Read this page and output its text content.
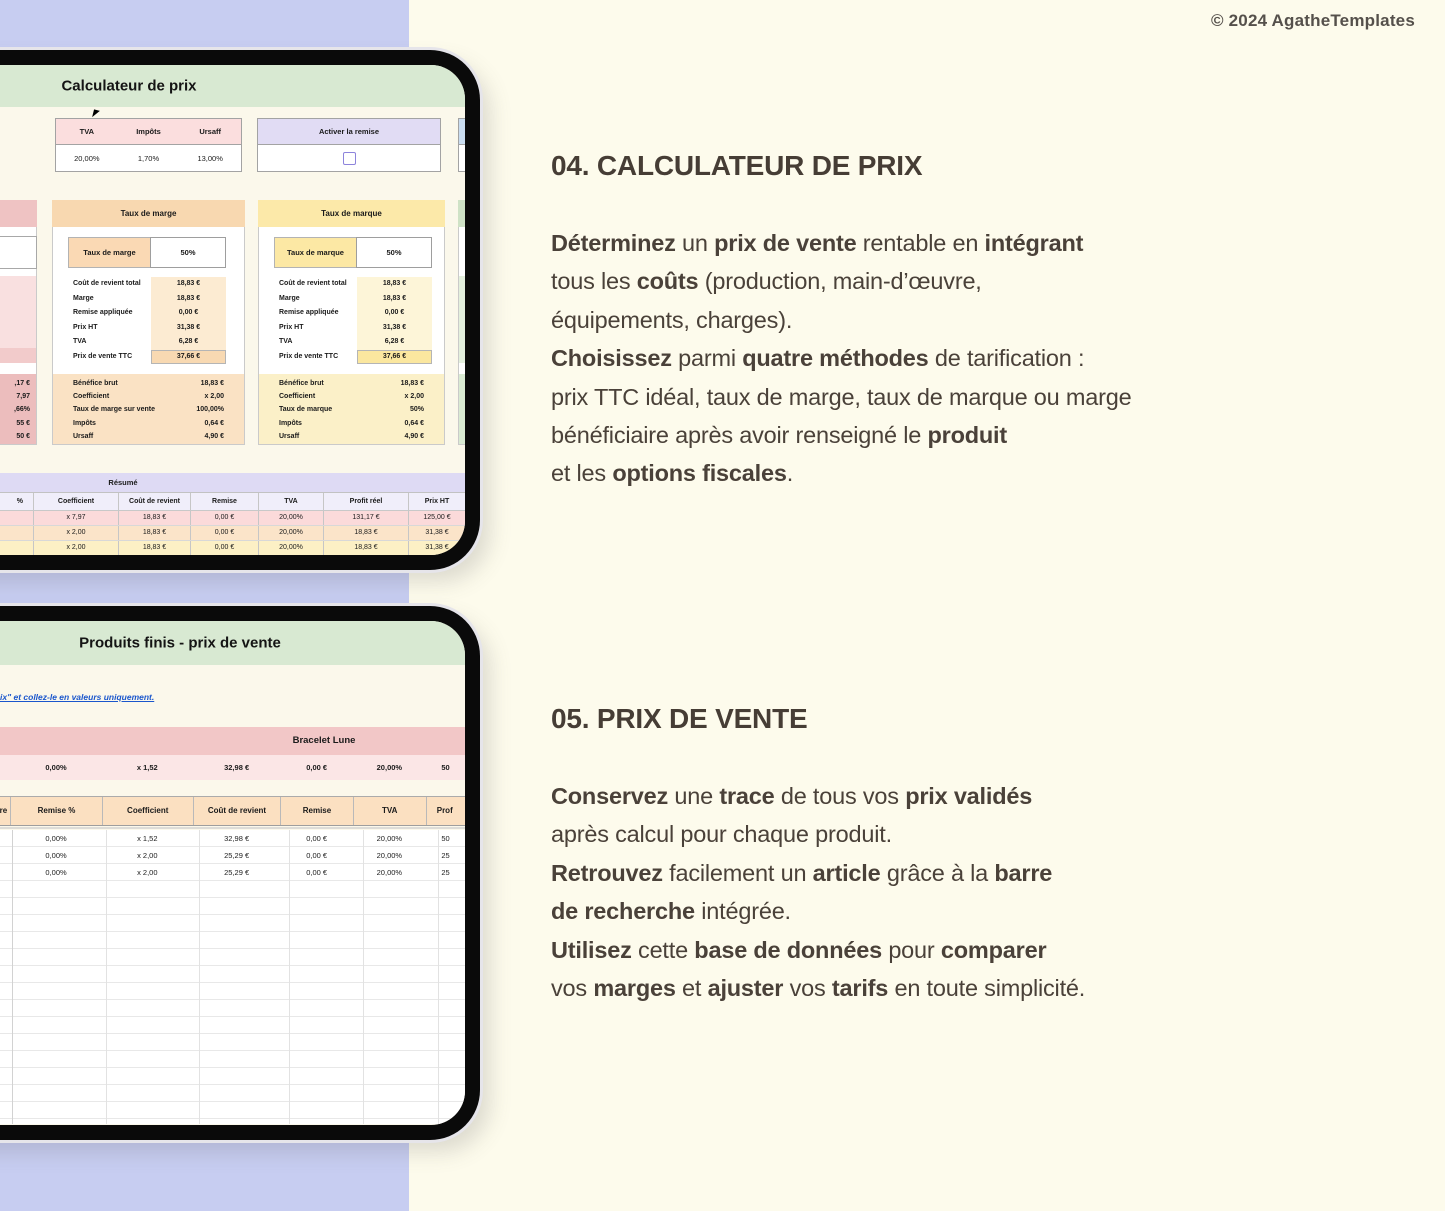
© 2024 AgatheTemplates
Calculateur de prix
TVA	Impôts	Ursaff
20,00%	1,70%	13,00%
Activer la remise
,17 €
7,97
,66%
55 €
50 €
Taux de marge
Taux de marge	50%
Coût de revient total	18,83 €
Marge	18,83 €
Remise appliquée	0,00 €
Prix HT	31,38 €
TVA	6,28 €
Prix de vente TTC	37,66 €
Bénéfice brut	18,83 €
Coefficient	x 2,00
Taux de marge sur vente	100,00%
Impôts	0,64 €
Ursaff	4,90 €
Taux de marque
Taux de marque	50%
Coût de revient total	18,83 €
Marge	18,83 €
Remise appliquée	0,00 €
Prix HT	31,38 €
TVA	6,28 €
Prix de vente TTC	37,66 €
Bénéfice brut	18,83 €
Coefficient	x 2,00
Taux de marque	50%
Impôts	0,64 €
Ursaff	4,90 €
Résumé
%	Coefficient	Coût de revient	Remise	TVA	Profit réel	Prix HT
x 7,97	18,83 €	0,00 €	20,00%	131,17 €	125,00 €
x 2,00	18,83 €	0,00 €	20,00%	18,83 €	31,38 €
x 2,00	18,83 €	0,00 €	20,00%	18,83 €	31,38 €
Produits finis - prix de vente
ix" et collez-le en valeurs uniquement.
Bracelet Lune
0,00%	x 1,52	32,98 €	0,00 €	20,00%	50
re	Remise %	Coefficient	Coût de revient	Remise	TVA	Prof
0,00%	x 1,52	32,98 €	0,00 €	20,00%	50
0,00%	x 2,00	25,29 €	0,00 €	20,00%	25
0,00%	x 2,00	25,29 €	0,00 €	20,00%	25
04. CALCULATEUR DE PRIX
Déterminez un prix de vente rentable en intégrant
tous les coûts (production, main-d’œuvre,
équipements, charges).
Choisissez parmi quatre méthodes de tarification :
prix TTC idéal, taux de marge, taux de marque ou marge
bénéficiaire après avoir renseigné le produit
et les options fiscales.
05. PRIX DE VENTE
Conservez une trace de tous vos prix validés
après calcul pour chaque produit.
Retrouvez facilement un article grâce à la barre
de recherche intégrée.
Utilisez cette base de données pour comparer
vos marges et ajuster vos tarifs en toute simplicité.
